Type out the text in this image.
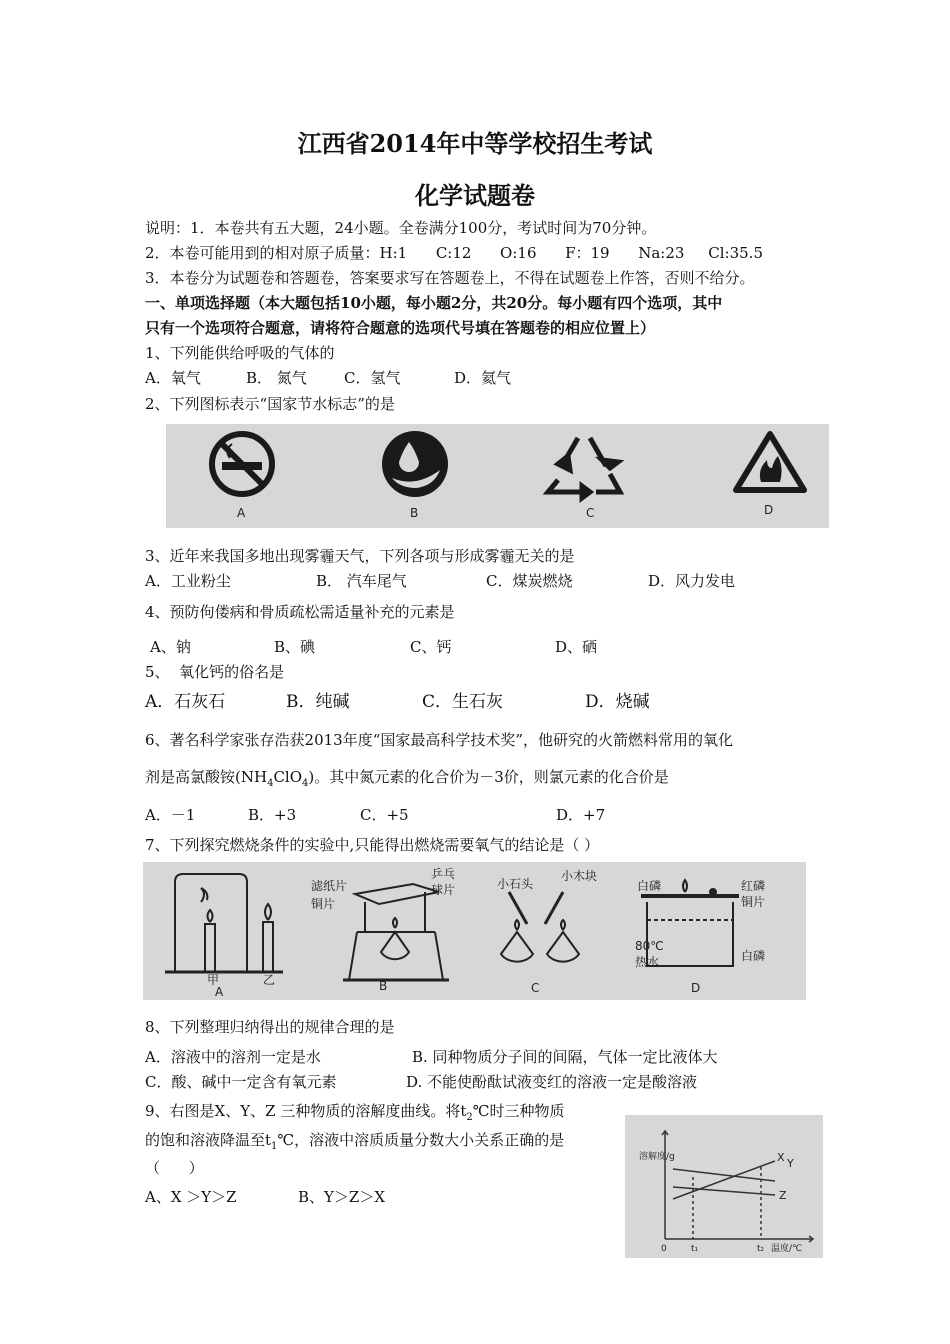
江西省2014年中等学校招生考试
化学试题卷
说明：1．本卷共有五大题，24小题。全卷满分100分，考试时间为70分钟。
2．本卷可能用到的相对原子质量：H:1      C:12      O:16      F：19      Na:23     Cl:35.5
3．本卷分为试题卷和答题卷，答案要求写在答题卷上，不得在试题卷上作答，否则不给分。
一、单项选择题（本大题包括10小题，每小题2分，共20分。每小题有四个选项，其中
只有一个选项符合题意，请将符合题意的选项代号填在答题卷的相应位置上）
1、下列能供给呼吸的气体的
A．氧气	B． 氮气 C．氢气	D．氦气
2、下列图标表示“国家节水标志”的是
A	B	C	D
3、近年来我国多地出现雾霾天气，下列各项与形成雾霾无关的是
A．工业粉尘	B． 汽车尾气	C．煤炭燃烧	D．风力发电
4、预防佝偻病和骨质疏松需适量补充的元素是
A、钠	B、碘	C、钙	D、硒
5、  氧化钙的俗名是
A．石灰石	B．纯碱	C．生石灰	D．烧碱
6、著名科学家张存浩获2013年度“国家最高科学技术奖”，他研究的火箭燃料常用的氧化
剂是高氯酸铵$(NH_4ClO_4)$。其中氮元素的化合价为－3价，则氯元素的化合价是
A．－1	B．+3	C．+5	D．+7
7、下列探究燃烧条件的实验中,只能得出燃烧需要氧气的结论是（ ）
甲	乙
A
滤纸片
铜片
乒乓
球片
B
小石头
小木块
C
白磷	红磷
铜片
80℃
热水	白磷
D
8、下列整理归纳得出的规律合理的是
A．溶液中的溶剂一定是水	B. 同种物质分子间的间隔，气体一定比液体大
C．酸、碱中一定含有氧元素	D. 不能使酚酞试液变红的溶液一定是酸溶液
9、右图是X、Y、Z 三种物质的溶解度曲线。将$t_2℃$时三种物质
的饱和溶液降温至$t_1℃$，溶液中溶质质量分数大小关系正确的是
（      ）
A、X ＞Y＞Z	B、Y＞Z＞X
溶解度/g
温度/℃
0	t₁	t₂
X Y
Z
